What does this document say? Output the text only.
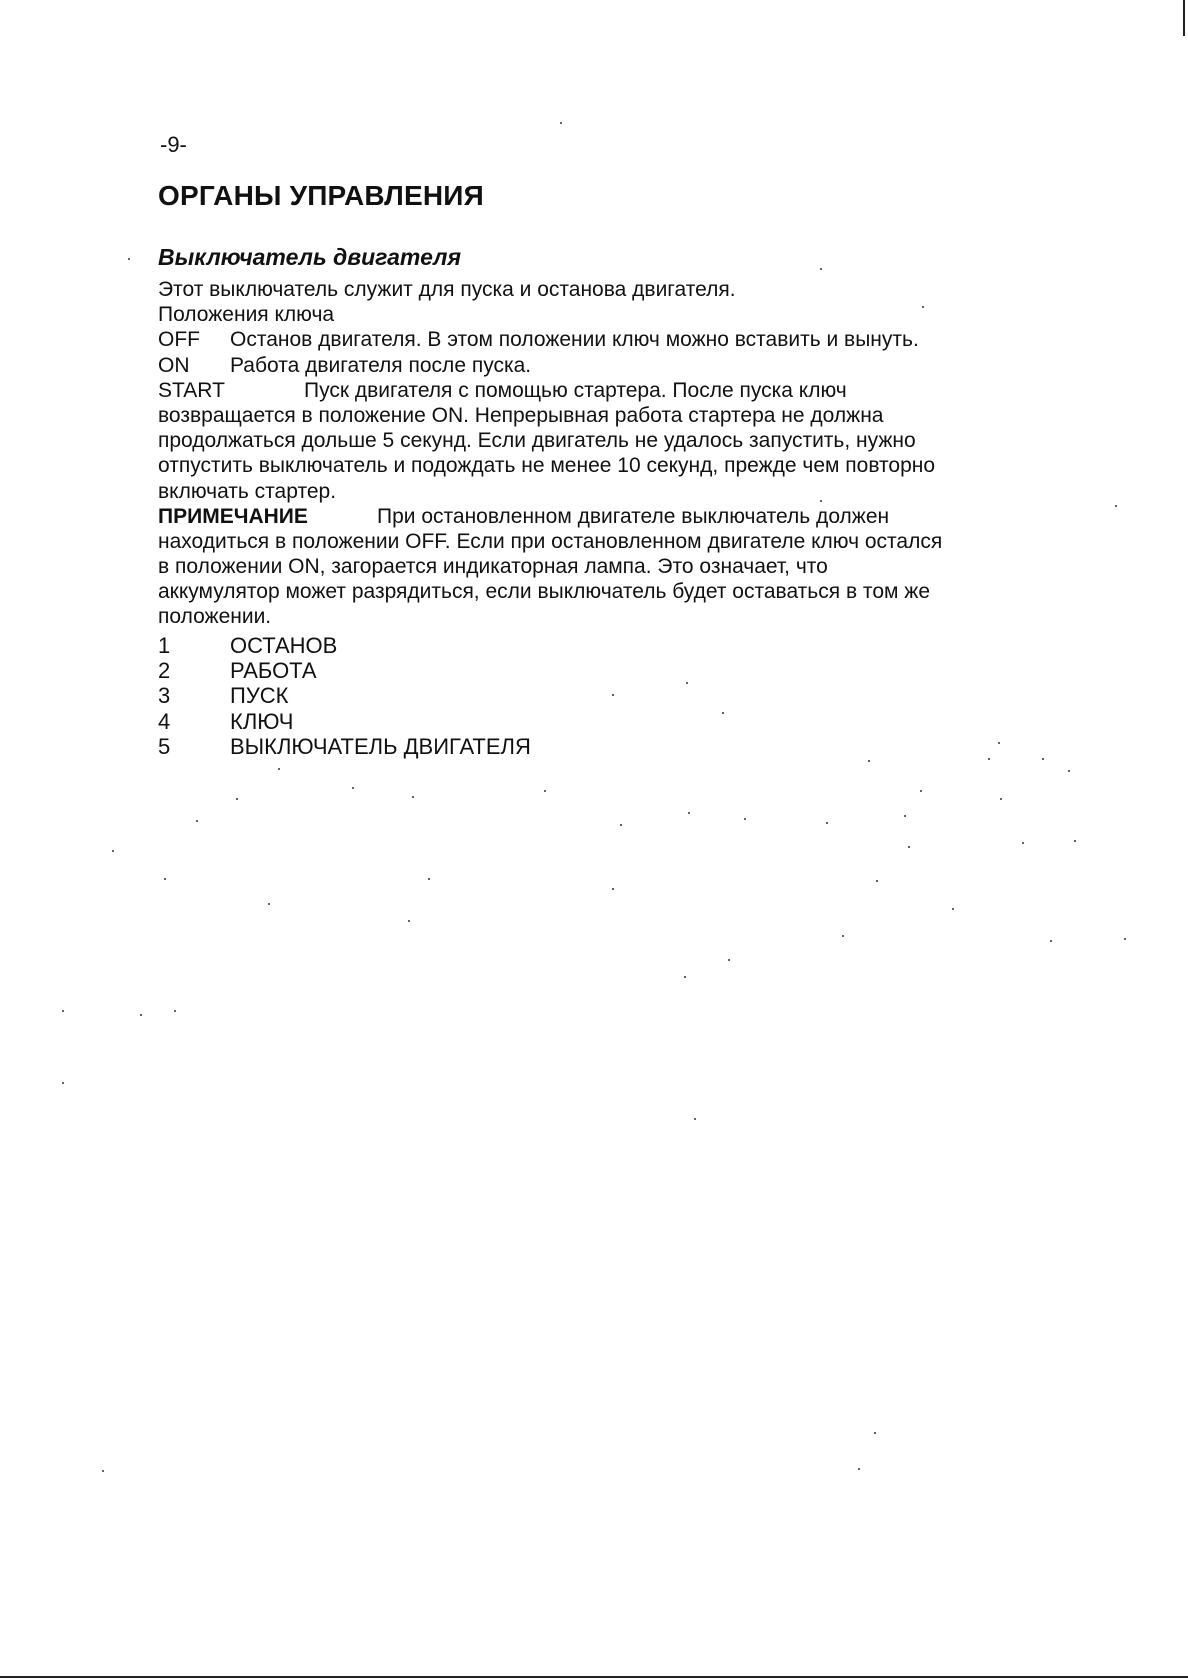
-9-
ОРГАНЫ УПРАВЛЕНИЯ
Выключатель двигателя
Этот выключатель служит для пуска и останова двигателя.
Положения ключа
OFF Останов двигателя. В этом положении ключ можно вставить и вынуть.
ON Работа двигателя после пуска.
START	Пуск двигателя с помощью стартера. После пуска ключ
возвращается в положение ON. Непрерывная работа стартера не должна
продолжаться дольше 5 секунд. Если двигатель не удалось запустить, нужно
отпустить выключатель и подождать не менее 10 секунд, прежде чем повторно
включать стартер.
ПРИМЕЧАНИЕ	При остановленном двигателе выключатель должен
находиться в положении OFF. Если при остановленном двигателе ключ остался
в положении ON, загорается индикаторная лампа. Это означает, что
аккумулятор может разрядиться, если выключатель будет оставаться в том же
положении.
1	ОСТАНОВ
2	РАБОТА
3	ПУСК
4	КЛЮЧ
5	ВЫКЛЮЧАТЕЛЬ ДВИГАТЕЛЯ
